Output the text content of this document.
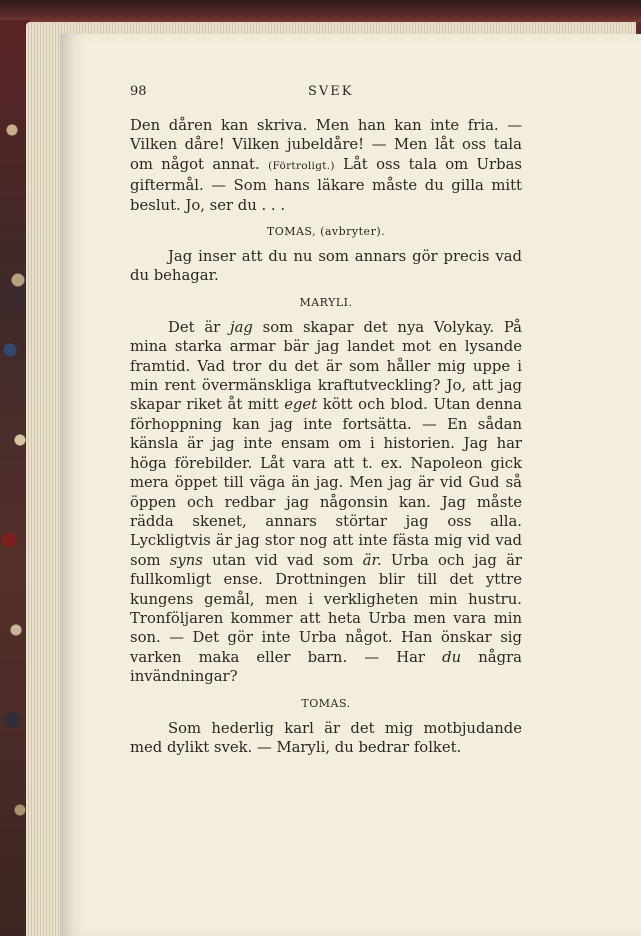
98	SVEK

Den dåren kan skriva. Men han kan inte fria. — Vilken dåre! Vilken jubeldåre! — Men låt oss tala om något annat. (Förtroligt.) Låt oss tala om Urbas giftermål. — Som hans läkare måste du gilla mitt beslut. Jo, ser du . . .

TOMAS, (avbryter).

Jag inser att du nu som annars gör precis vad du behagar.

MARYLI.

Det är jag som skapar det nya Volykay. På mina starka armar bär jag landet mot en lysande framtid. Vad tror du det är som håller mig uppe i min rent övermänskliga kraftutveckling? Jo, att jag skapar riket åt mitt eget kött och blod. Utan denna förhoppning kan jag inte fortsätta. — En sådan känsla är jag inte ensam om i historien. Jag har höga förebilder. Låt vara att t. ex. Napoleon gick mera öppet till väga än jag. Men jag är vid Gud så öppen och redbar jag någonsin kan. Jag måste rädda skenet, annars störtar jag oss alla. Lyckligtvis är jag stor nog att inte fästa mig vid vad som syns utan vid vad som är. Urba och jag är fullkomligt ense. Drottningen blir till det yttre kungens gemål, men i verkligheten min hustru. Tronföljaren kommer att heta Urba men vara min son. — Det gör inte Urba något. Han önskar sig varken maka eller barn. — Har du några invändningar?

TOMAS.

Som hederlig karl är det mig motbjudande med dylikt svek. — Maryli, du bedrar folket.
